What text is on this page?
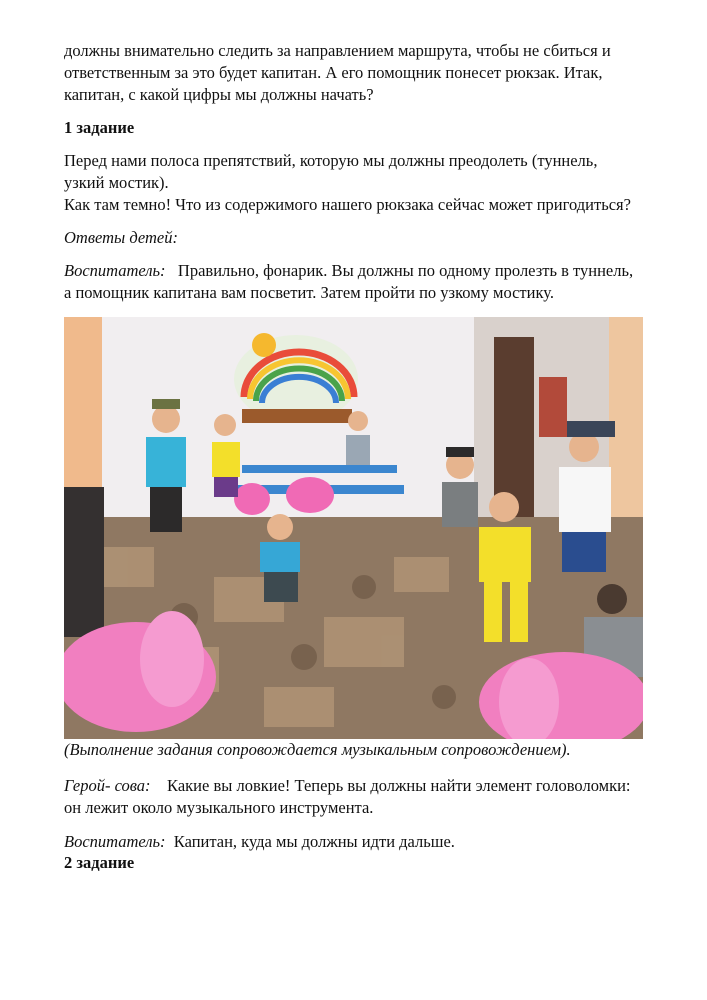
должны внимательно следить за направлением маршрута, чтобы не сбиться и
ответственным за это будет капитан. А его помощник понесет рюкзак. Итак,
капитан, с какой цифры мы должны начать?

1 задание

Перед нами полоса препятствий, которую мы должны преодолеть (туннель,
узкий мостик).
Как там темно! Что из содержимого нашего рюкзака сейчас может пригодиться?

Ответы детей:

Воспитатель: Правильно, фонарик. Вы должны по одному пролезть в туннель,
а помощник капитана вам посветит. Затем пройти по узкому мостику.

(Выполнение задания сопровождается музыкальным сопровождением).

Герой- сова: Какие вы ловкие! Теперь вы должны найти элемент головоломки:
он лежит около музыкального инструмента.

Воспитатель: Капитан, куда мы должны идти дальше.

2 задание
